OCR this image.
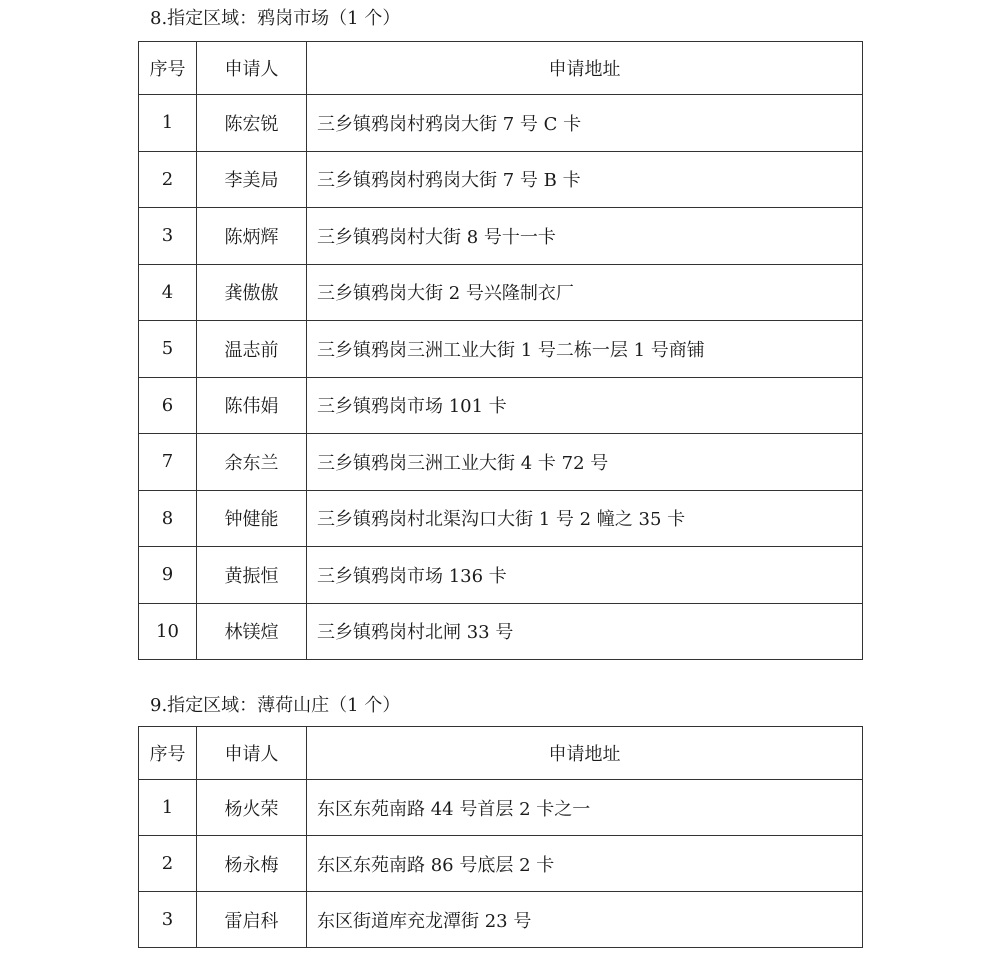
8.指定区域：鸦岗市场（1 个）
序号	申请人	申请地址
1	陈宏锐	三乡镇鸦岗村鸦岗大街 7 号 C 卡
2	李美局	三乡镇鸦岗村鸦岗大街 7 号 B 卡
3	陈炳辉	三乡镇鸦岗村大街 8 号十一卡
4	龚傲傲	三乡镇鸦岗大街 2 号兴隆制衣厂
5	温志前	三乡镇鸦岗三洲工业大街 1 号二栋一层 1 号商铺
6	陈伟娟	三乡镇鸦岗市场 101 卡
7	余东兰	三乡镇鸦岗三洲工业大街 4 卡 72 号
8	钟健能	三乡镇鸦岗村北渠沟口大街 1 号 2 幢之 35 卡
9	黄振恒	三乡镇鸦岗市场 136 卡
10	林镁煊	三乡镇鸦岗村北闸 33 号
9.指定区域：薄荷山庄（1 个）
序号	申请人	申请地址
1	杨火荣	东区东苑南路 44 号首层 2 卡之一
2	杨永梅	东区东苑南路 86 号底层 2 卡
3	雷启科	东区街道库充龙潭街 23 号
